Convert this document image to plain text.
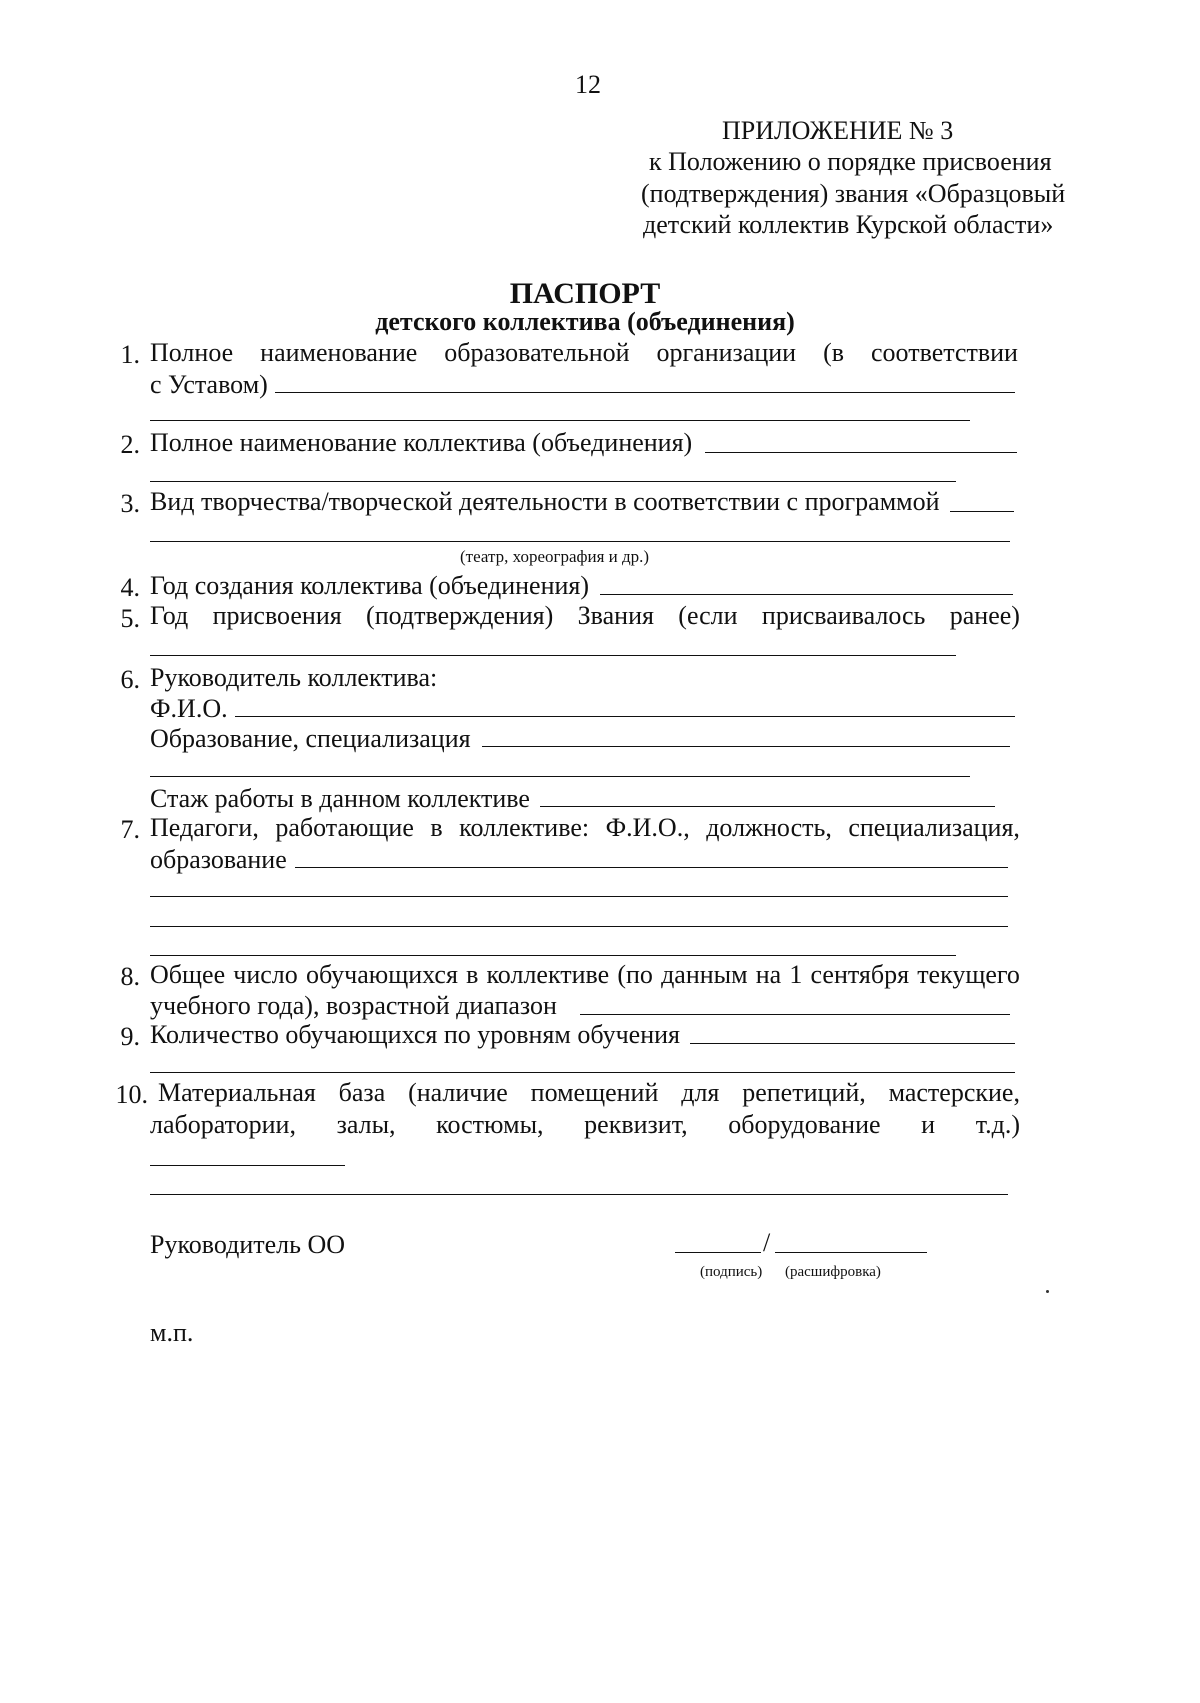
12
ПРИЛОЖЕНИЕ № 3
к Положению о порядке присвоения
(подтверждения) звания «Образцовый
детский коллектив Курской области»
ПАСПОРТ
детского коллектива (объединения)
1. Полное наименование образовательной организации (в соответствии
с Уставом)
2. Полное наименование коллектива (объединения)
3. Вид творчества/творческой деятельности в соответствии с программой
(театр, хореография и др.)
4. Год создания коллектива (объединения)
5. Год присвоения (подтверждения) Звания (если присваивалось ранее)
6. Руководитель коллектива:
Ф.И.О.
Образование, специализация
Стаж работы в данном коллективе
7. Педагоги, работающие в коллективе: Ф.И.О., должность, специализация,
образование
8. Общее число обучающихся в коллективе (по данным на 1 сентября текущего
учебного года), возрастной диапазон
9. Количество обучающихся по уровням обучения
10. Материальная база (наличие помещений для репетиций, мастерские,
лаборатории, залы, костюмы, реквизит, оборудование и т.д.)
Руководитель ОО	/
(подпись) (расшифровка)
м.п.
